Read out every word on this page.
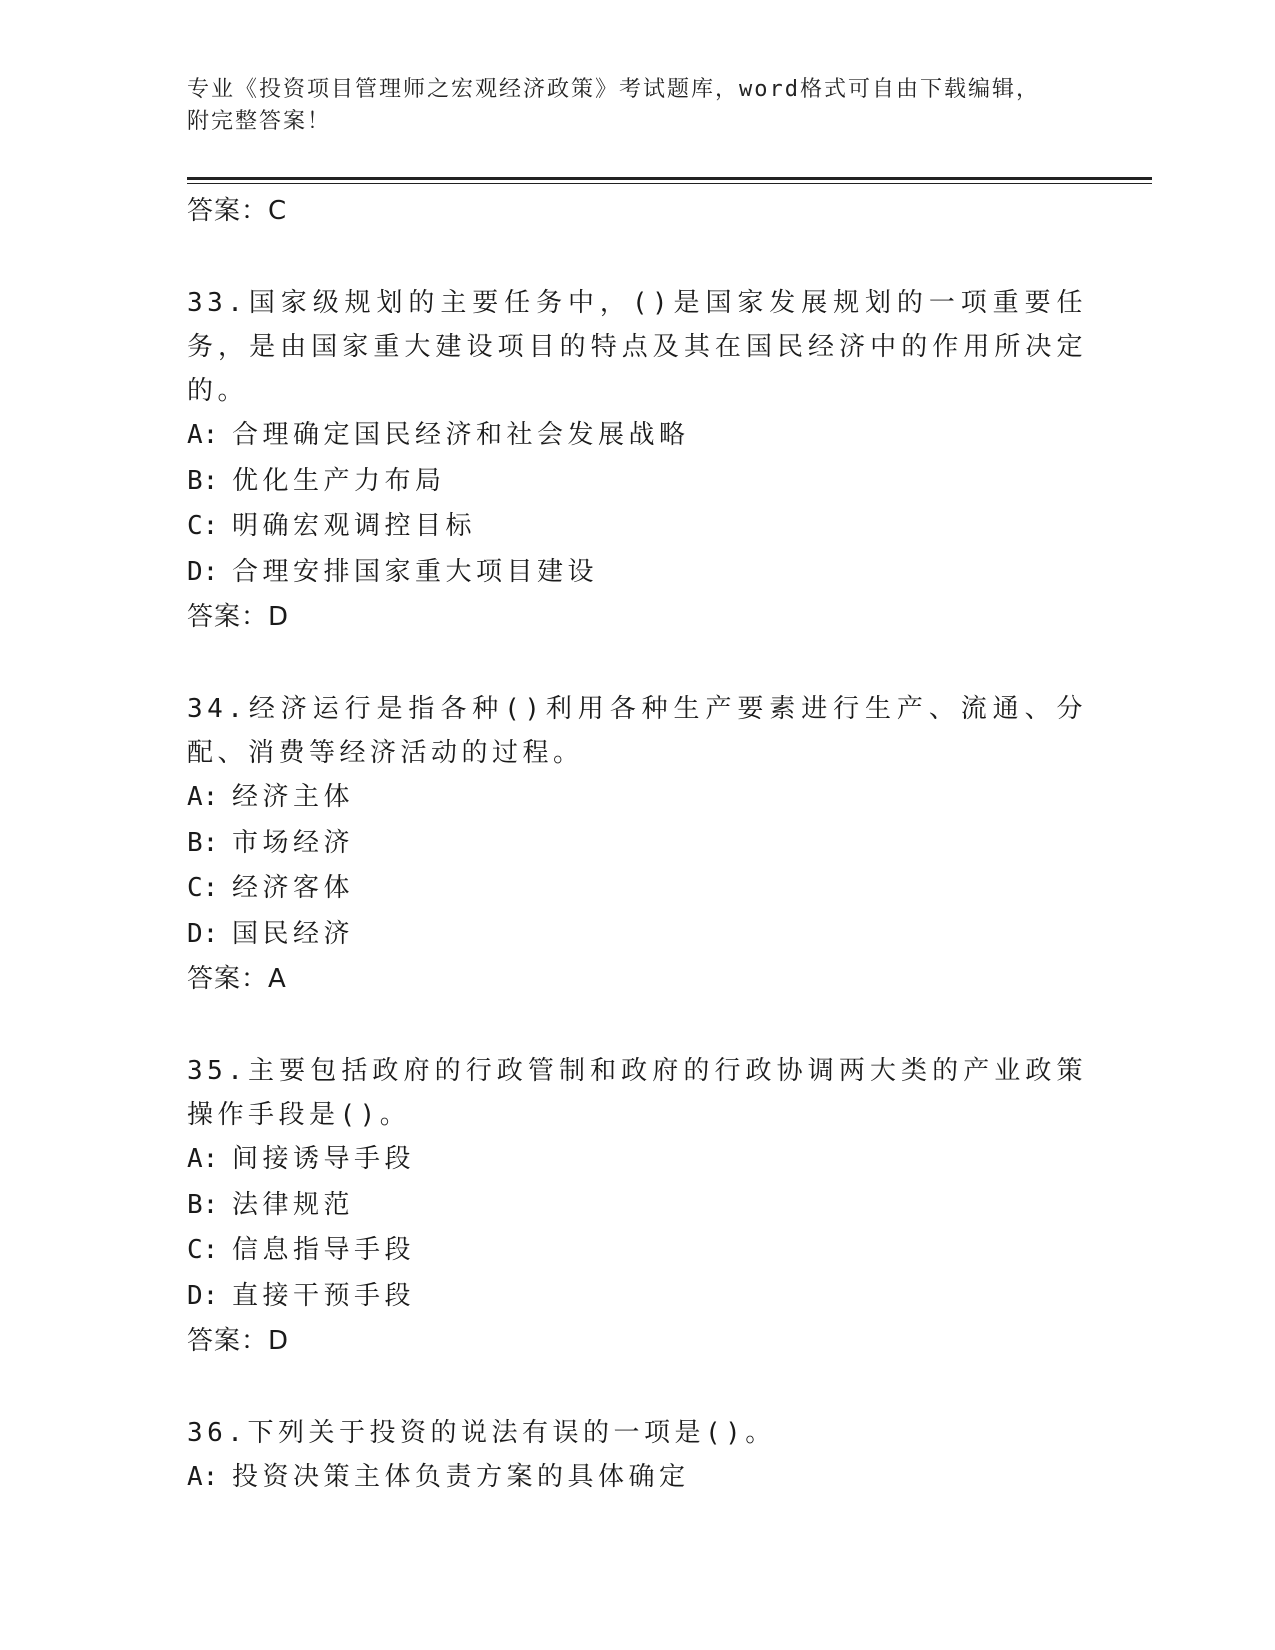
专业《投资项目管理师之宏观经济政策》考试题库，word格式可自由下载编辑，
附完整答案！
答案：C
33.国家级规划的主要任务中，()是国家发展规划的一项重要任务，是由国家重大建设项目的特点及其在国民经济中的作用所决定的。
A: 合理确定国民经济和社会发展战略
B: 优化生产力布局
C: 明确宏观调控目标
D: 合理安排国家重大项目建设
答案：D
34.经济运行是指各种()利用各种生产要素进行生产、流通、分配、消费等经济活动的过程。
A: 经济主体
B: 市场经济
C: 经济客体
D: 国民经济
答案：A
35.主要包括政府的行政管制和政府的行政协调两大类的产业政策操作手段是()。
A: 间接诱导手段
B: 法律规范
C: 信息指导手段
D: 直接干预手段
答案：D
36.下列关于投资的说法有误的一项是()。
A: 投资决策主体负责方案的具体确定
